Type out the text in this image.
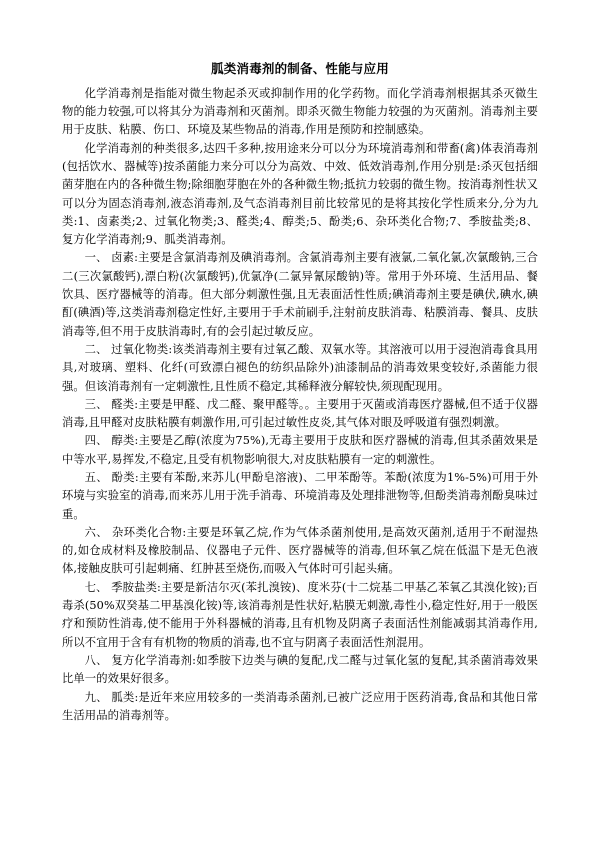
胍类消毒剂的制备、性能与应用

化学消毒剂是指能对微生物起杀灭或抑制作用的化学药物。而化学消毒剂根据其杀灭微生物的能力较强,可以将其分为消毒剂和灭菌剂。即杀灭微生物能力较强的为灭菌剂。消毒剂主要用于皮肤、粘膜、伤口、环境及某些物品的消毒,作用是预防和控制感染。

化学消毒剂的种类很多,达四千多种,按用途来分可以分为环境消毒剂和带畜(禽)体表消毒剂(包括饮水、器械等)按杀菌能力来分可以分为高效、中效、低效消毒剂,作用分别是:杀灭包括细菌芽胞在内的各种微生物;除细胞芽胞在外的各种微生物;抵抗力较弱的微生物。按消毒剂性状又可以分为固态消毒剂,液态消毒剂,及气态消毒剂目前比较常见的是将其按化学性质来分,分为九类:1、卤素类;2、过氧化物类;3、醛类;4、醇类;5、酚类;6、杂环类化合物;7、季胺盐类;8、复方化学消毒剂;9、胍类消毒剂。

一、 卤素:主要是含氯消毒剂及碘消毒剂。含氯消毒剂主要有液氯,二氧化氯,次氯酸钠,三合二(三次氯酸钙),漂白粉(次氯酸钙),优氯净(二氯异氰尿酸钠)等。常用于外环境、生活用品、餐饮具、医疗器械等的消毒。但大部分刺激性强,且无表面活性性质;碘消毒剂主要是碘伏,碘水,碘酊(碘酒)等,这类消毒剂稳定性好,主要用于手术前刷手,注射前皮肤消毒、粘膜消毒、餐具、皮肤消毒等,但不用于皮肤消毒时,有的会引起过敏反应。

二、 过氧化物类:该类消毒剂主要有过氧乙酸、双氧水等。其溶液可以用于浸泡消毒食具用具,对玻璃、塑料、化纤(可致漂白褪色的纺织品除外)油漆制品的消毒效果变较好,杀菌能力很强。但该消毒剂有一定刺激性,且性质不稳定,其稀释液分解较快,须现配现用。

三、 醛类:主要是甲醛、戊二醛、聚甲醛等。。主要用于灭菌或消毒医疗器械,但不适于仪器消毒,且甲醛对皮肤粘膜有刺激作用,可引起过敏性皮炎,其气体对眼及呼吸道有强烈刺激。

四、 醇类:主要是乙醇(浓度为75%),无毒主要用于皮肤和医疗器械的消毒,但其杀菌效果是中等水平,易挥发,不稳定,且受有机物影响很大,对皮肤粘膜有一定的刺激性。

五、 酚类:主要有苯酚,来苏儿(甲酚皂溶液)、二甲苯酚等。苯酚(浓度为1%-5%)可用于外环境与实验室的消毒,而来苏儿用于洗手消毒、环境消毒及处理排泄物等,但酚类消毒剂酚臭味过重。

六、 杂环类化合物:主要是环氧乙烷,作为气体杀菌剂使用,是高效灭菌剂,适用于不耐湿热的,如仓成材料及橡胶制品、仪器电子元件、医疗器械等的消毒,但环氧乙烷在低温下是无色液体,接触皮肤可引起刺痛、红肿甚至烧伤,而吸入气体时可引起头痛。

七、 季胺盐类:主要是新洁尔灭(苯扎溴铵)、度米芬(十二烷基二甲基乙苯氧乙其溴化铵);百毒杀(50%双癸基二甲基溴化铵)等,该消毒剂是性状好,粘膜无刺激,毒性小,稳定性好,用于一般医疗和预防性消毒,使不能用于外科器械的消毒,且有机物及阴离子表面活性剂能减弱其消毒作用,所以不宜用于含有有机物的物质的消毒,也不宜与阴离子表面活性剂混用。

八、 复方化学消毒剂:如季胺下边类与碘的复配,戊二醛与过氧化氢的复配,其杀菌消毒效果比单一的效果好很多。

九、 胍类:是近年来应用较多的一类消毒杀菌剂,已被广泛应用于医药消毒,食品和其他日常生活用品的消毒剂等。
